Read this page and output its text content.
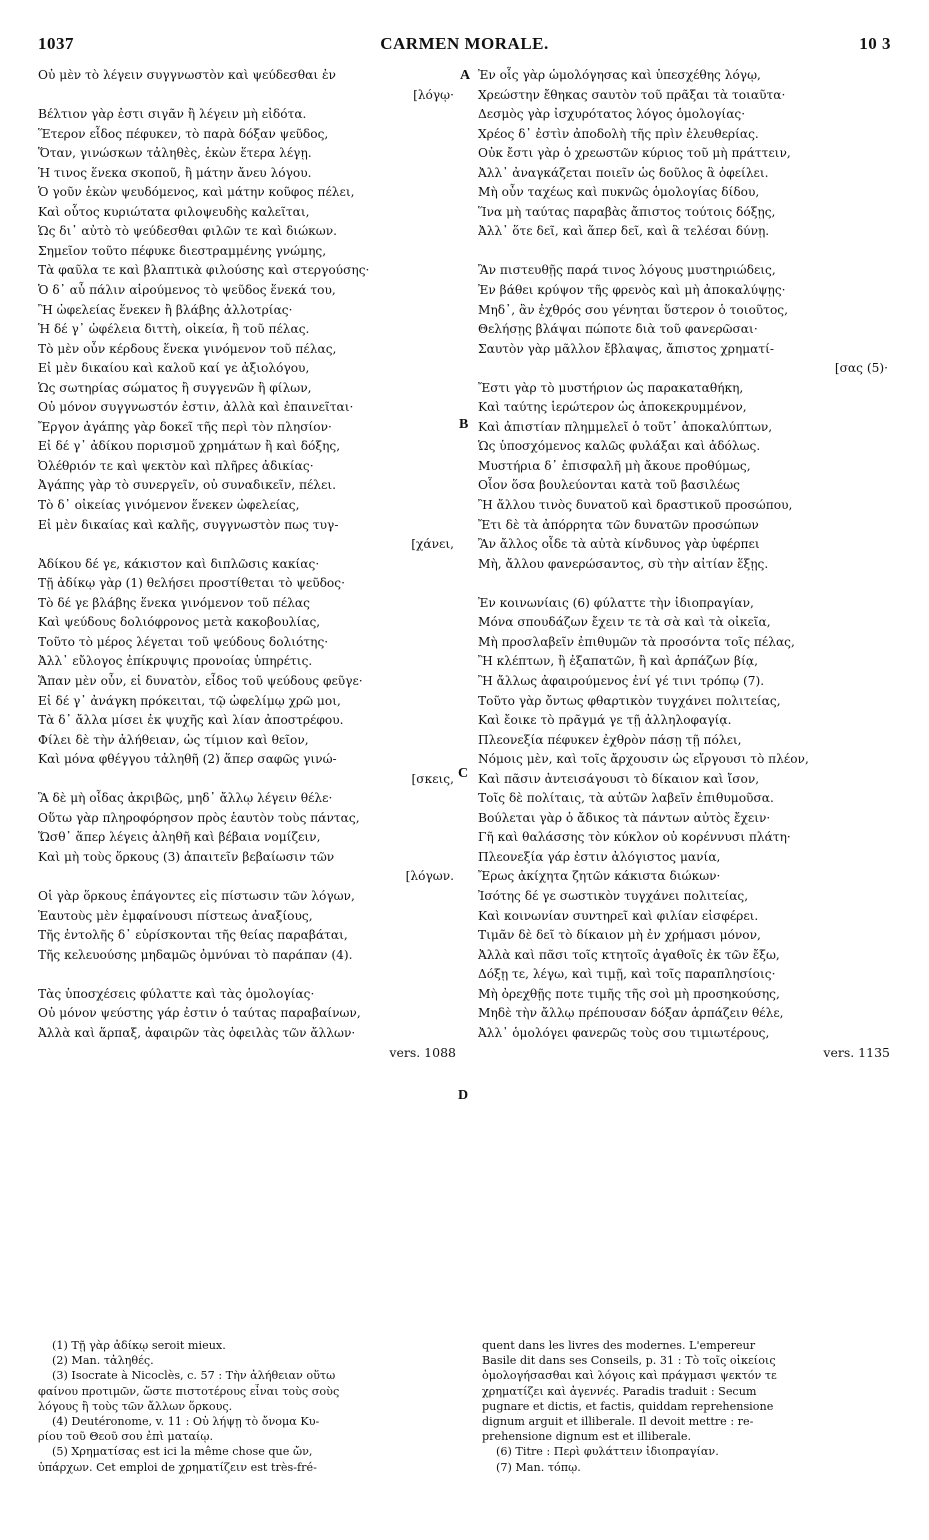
1037	CARMEN MORALE.	10 3
Οὐ μὲν τὸ λέγειν συγγνωστὸν καὶ ψεύδεσθαι ἐν
[λόγῳ·
Βέλτιον γὰρ ἐστι σιγᾶν ἢ λέγειν μὴ εἰδότα.
Ἕτερον εἶδος πέφυκεν, τὸ παρὰ δόξαν ψεῦδος,
Ὅταν, γινώσκων τἀληθὲς, ἑκὼν ἕτερα λέγῃ.
Ἡ τινος ἕνεκα σκοποῦ, ἢ μάτην ἄνευ λόγου.
Ὁ γοῦν ἑκὼν ψευδόμενος, καὶ μάτην κοῦφος πέλει,
Καὶ οὗτος κυριώτατα φιλοψευδὴς καλεῖται,
Ὡς δι᾽ αὐτὸ τὸ ψεύδεσθαι φιλῶν τε καὶ διώκων.
Σημεῖον τοῦτο πέφυκε διεστραμμένης γνώμης,
Τὰ φαῦλα τε καὶ βλαπτικὰ φιλούσης καὶ στεργούσης·
Ὁ δ᾽ αὖ πάλιν αἱρούμενος τὸ ψεῦδος ἕνεκά του,
Ἢ ὠφελείας ἕνεκεν ἢ βλάβης ἀλλοτρίας·
Ἡ δέ γ᾽ ὠφέλεια διττὴ, οἰκεία, ἢ τοῦ πέλας.
Τὸ μὲν οὖν κέρδους ἕνεκα γινόμενον τοῦ πέλας,
Εἰ μὲν δικαίου καὶ καλοῦ καί γε ἀξιολόγου,
Ὡς σωτηρίας σώματος ἢ συγγενῶν ἢ φίλων,
Οὐ μόνον συγγνωστόν ἐστιν, ἀλλὰ καὶ ἐπαινεῖται·
Ἔργον ἀγάπης γὰρ δοκεῖ τῆς περὶ τὸν πλησίον·
Εἰ δέ γ᾽ ἀδίκου πορισμοῦ χρημάτων ἢ καὶ δόξης,
Ὀλέθριόν τε καὶ ψεκτὸν καὶ πλῆρες ἀδικίας·
Ἀγάπης γὰρ τὸ συνεργεῖν, οὐ συναδικεῖν, πέλει.
Τὸ δ᾽ οἰκείας γινόμενον ἕνεκεν ὠφελείας,
Εἰ μὲν δικαίας καὶ καλῆς, συγγνωστὸν πως τυγ-
[χάνει,
Ἀδίκου δέ γε, κάκιστον καὶ διπλῶσις κακίας·
Τῇ ἀδίκῳ γὰρ (1) θελήσει προστίθεται τὸ ψεῦδος·
Τὸ δέ γε βλάβης ἕνεκα γινόμενον τοῦ πέλας
Καὶ ψεύδους δολιόφρονος μετὰ κακοβουλίας,
Τοῦτο τὸ μέρος λέγεται τοῦ ψεύδους δολιότης·
Ἀλλ᾽ εὔλογος ἐπίκρυψις προνοίας ὑπηρέτις.
Ἅπαν μὲν οὖν, εἰ δυνατὸν, εἶδος τοῦ ψεύδους φεῦγε·
Εἰ δέ γ᾽ ἀνάγκη πρόκειται, τῷ ὠφελίμῳ χρῶ μοι,
Τὰ δ᾽ ἄλλα μίσει ἐκ ψυχῆς καὶ λίαν ἀποστρέφου.
Φίλει δὲ τὴν ἀλήθειαν, ὡς τίμιον καὶ θεῖον,
Καὶ μόνα φθέγγου τἀληθῆ (2) ἅπερ σαφῶς γινώ-
[σκεις,
Ἃ δὲ μὴ οἶδας ἀκριβῶς, μηδ᾽ ἄλλῳ λέγειν θέλε·
Οὕτω γὰρ πληροφόρησον πρὸς ἑαυτὸν τοὺς πάντας,
Ὥσθ᾽ ἅπερ λέγεις ἀληθῆ καὶ βέβαια νομίζειν,
Καὶ μὴ τοὺς ὅρκους (3) ἀπαιτεῖν βεβαίωσιν τῶν
[λόγων.
Οἱ γὰρ ὅρκους ἐπάγοντες εἰς πίστωσιν τῶν λόγων,
Ἑαυτοὺς μὲν ἐμφαίνουσι πίστεως ἀναξίους,
Τῆς ἐντολῆς δ᾽ εὑρίσκονται τῆς θείας παραβάται,
Τῆς κελευούσης μηδαμῶς ὀμνύναι τὸ παράπαν (4).
Τὰς ὑποσχέσεις φύλαττε καὶ τὰς ὁμολογίας·
Οὐ μόνον ψεύστης γάρ ἐστιν ὁ ταύτας παραβαίνων,
Ἀλλὰ καὶ ἅρπαξ, ἀφαιρῶν τὰς ὀφειλὰς τῶν ἄλλων·
vers. 1088
Ἐν οἷς γὰρ ὡμολόγησας καὶ ὑπεσχέθης λόγῳ,
Χρεώστην ἔθηκας σαυτὸν τοῦ πρᾶξαι τὰ τοιαῦτα·
Δεσμὸς γὰρ ἰσχυρότατος λόγος ὁμολογίας·
Χρέος δ᾽ ἐστὶν ἀποδολὴ τῆς πρὶν ἐλευθερίας.
Οὐκ ἔστι γὰρ ὁ χρεωστῶν κύριος τοῦ μὴ πράττειν,
Ἀλλ᾽ ἀναγκάζεται ποιεῖν ὡς δοῦλος ἃ ὀφείλει.
Μὴ οὖν ταχέως καὶ πυκνῶς ὁμολογίας δίδου,
Ἵνα μὴ ταύτας παραβὰς ἄπιστος τούτοις δόξῃς,
Ἀλλ᾽ ὅτε δεῖ, καὶ ἅπερ δεῖ, καὶ ἃ τελέσαι δύνῃ.
Ἂν πιστευθῇς παρά τινος λόγους μυστηριώδεις,
Ἐν βάθει κρύψον τῆς φρενὸς καὶ μὴ ἀποκαλύψῃς·
Μηδ᾽, ἂν ἐχθρός σου γένηται ὕστερον ὁ τοιοῦτος,
Θελήσῃς βλάψαι πώποτε διὰ τοῦ φανερῶσαι·
Σαυτὸν γὰρ μᾶλλον ἔβλαψας, ἄπιστος χρηματί-
[σας (5)·
Ἔστι γὰρ τὸ μυστήριον ὡς παρακαταθήκη,
Καὶ ταύτης ἱερώτερον ὡς ἀποκεκρυμμένον,
Καὶ ἀπιστίαν πλημμελεῖ ὁ τοῦτ᾽ ἀποκαλύπτων,
Ὡς ὑποσχόμενος καλῶς φυλάξαι καὶ ἀδόλως.
Μυστήρια δ᾽ ἐπισφαλῆ μὴ ἄκουε προθύμως,
Οἷον ὅσα βουλεύονται κατὰ τοῦ βασιλέως
Ἢ ἄλλου τινὸς δυνατοῦ καὶ δραστικοῦ προσώπου,
Ἔτι δὲ τὰ ἀπόρρητα τῶν δυνατῶν προσώπων
Ἂν ἄλλος οἶδε τὰ αὐτὰ κίνδυνος γὰρ ὑφέρπει
Μὴ, ἄλλου φανερώσαντος, σὺ τὴν αἰτίαν ἕξῃς.
Ἐν κοινωνίαις (6) φύλαττε τὴν ἰδιοπραγίαν,
Μόνα σπουδάζων ἔχειν τε τὰ σὰ καὶ τὰ οἰκεῖα,
Μὴ προσλαβεῖν ἐπιθυμῶν τὰ προσόντα τοῖς πέλας,
Ἢ κλέπτων, ἢ ἐξαπατῶν, ἢ καὶ ἁρπάζων βίᾳ,
Ἢ ἄλλως ἀφαιρούμενος ἐνί γέ τινι τρόπῳ (7).
Τοῦτο γὰρ ὄντως φθαρτικὸν τυγχάνει πολιτείας,
Καὶ ἔοικε τὸ πρᾶγμά γε τῇ ἀλληλοφαγίᾳ.
Πλεονεξία πέφυκεν ἐχθρὸν πάσῃ τῇ πόλει,
Νόμοις μὲν, καὶ τοῖς ἄρχουσιν ὡς εἴργουσι τὸ πλέον,
Καὶ πᾶσιν ἀντεισάγουσι τὸ δίκαιον καὶ ἴσον,
Τοῖς δὲ πολίταις, τὰ αὐτῶν λαβεῖν ἐπιθυμοῦσα.
Βούλεται γὰρ ὁ ἄδικος τὰ πάντων αὐτὸς ἔχειν·
Γῆ καὶ θαλάσσης τὸν κύκλον οὐ κορέννυσι πλάτη·
Πλεονεξία γάρ ἐστιν ἀλόγιστος μανία,
Ἔρως ἀκίχητα ζητῶν κάκιστα διώκων·
Ἰσότης δέ γε σωστικὸν τυγχάνει πολιτείας,
Καὶ κοινωνίαν συντηρεῖ καὶ φιλίαν εἰσφέρει.
Τιμᾶν δὲ δεῖ τὸ δίκαιον μὴ ἐν χρήμασι μόνον,
Ἀλλὰ καὶ πᾶσι τοῖς κτητοῖς ἀγαθοῖς ἐκ τῶν ἔξω,
Δόξῃ τε, λέγω, καὶ τιμῇ, καὶ τοῖς παραπλησίοις·
Μὴ ὀρεχθῇς ποτε τιμῆς τῆς σοὶ μὴ προσηκούσης,
Μηδὲ τὴν ἄλλῳ πρέπουσαν δόξαν ἁρπάζειν θέλε,
Ἀλλ᾽ ὁμολόγει φανερῶς τοὺς σου τιμιωτέρους,
vers. 1135
A
B
C
D
(1) Τῇ γὰρ ἀδίκῳ seroit mieux.
(2) Man. τἀληθές.
(3) Isocrate à Nicoclès, c. 57 : Τὴν ἀλήθειαν οὕτω
φαίνου προτιμῶν, ὥστε πιστοτέρους εἶναι τοὺς σοὺς
λόγους ἢ τοὺς τῶν ἄλλων ὅρκους.
(4) Deutéronome, v. 11 : Οὐ λήψῃ τὸ ὄνομα Κυ-
ρίου τοῦ Θεοῦ σου ἐπὶ ματαίῳ.
(5) Χρηματίσας est ici la même chose que ὤν,
ὑπάρχων. Cet emploi de χρηματίζειν est très-fré-
quent dans les livres des modernes. L'empereur
Basile dit dans ses Conseils, p. 31 : Τὸ τοῖς οἰκείοις
ὁμολογήσασθαι καὶ λόγοις καὶ πράγμασι ψεκτόν τε
χρηματίζει καὶ ἀγεννές. Paradis traduit : Secum
pugnare et dictis, et factis, quiddam reprehensione
dignum arguit et illiberale. Il devoit mettre : re-
prehensione dignum est et illiberale.
(6) Titre : Περὶ φυλάττειν ἰδιοπραγίαν.
(7) Man. τόπῳ.
